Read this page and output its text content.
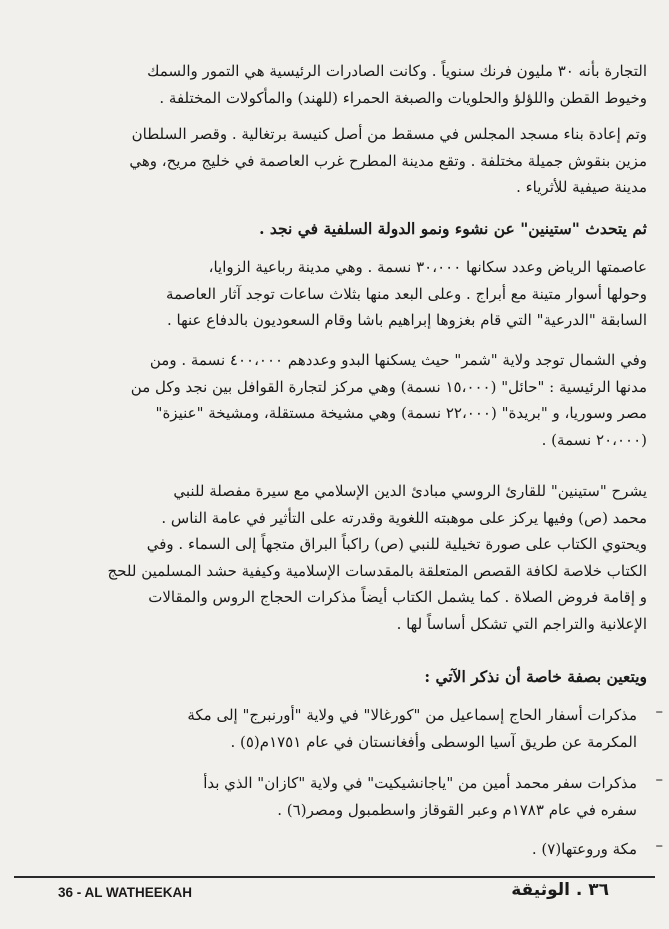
التجارة بأنه ٣٠ مليون فرنك سنوياً . وكانت الصادرات الرئيسية هي التمور والسمك
وخيوط القطن واللؤلؤ والحلويات والصبغة الحمراء (للهند) والمأكولات المختلفة .
وتم إعادة بناء مسجد المجلس في مسقط من أصل كنيسة برتغالية . وقصر السلطان
مزين بنقوش جميلة مختلفة . وتقع مدينة المطرح غرب العاصمة في خليج مريح، وهي
مدينة صيفية للأثرياء .
ثم يتحدث "ستينين" عن نشوء ونمو الدولة السلفية في نجد .
عاصمتها الرياض وعدد سكانها ٣٠،٠٠٠ نسمة . وهي مدينة رباعية الزوايا،
وحولها أسوار متينة مع أبراج . وعلى البعد منها بثلاث ساعات توجد آثار العاصمة
السابقة "الدرعية" التي قام بغزوها إبراهيم باشا وقام السعوديون بالدفاع عنها .
وفي الشمال توجد ولاية "شمر" حيث يسكنها البدو وعددهم ٤٠٠،٠٠٠ نسمة . ومن
مدنها الرئيسية : "حائل" (١٥،٠٠٠ نسمة) وهي مركز لتجارة القوافل بين نجد وكل من
مصر وسوريا، و "بريدة" (٢٢،٠٠٠ نسمة) وهي مشيخة مستقلة، ومشيخة "عنيزة"
(٢٠،٠٠٠ نسمة) .
يشرح "ستينين" للقارئ الروسي مبادئ الدين الإسلامي مع سيرة مفصلة للنبي
محمد (ص) وفيها يركز على موهبته اللغوية وقدرته على التأثير في عامة الناس .
ويحتوي الكتاب على صورة تخيلية للنبي (ص) راكباً البراق متجهاً إلى السماء . وفي
الكتاب خلاصة لكافة القصص المتعلقة بالمقدسات الإسلامية وكيفية حشد المسلمين للحج
و إقامة فروض الصلاة . كما يشمل الكتاب أيضاً مذكرات الحجاج الروس والمقالات
الإعلانية والتراجم التي تشكل أساساً لها .
ويتعين بصفة خاصة أن نذكر الآتي :
–
مذكرات أسفار الحاج إسماعيل من "كورغالا" في ولاية "أورنبرج" إلى مكة
المكرمة عن طريق آسيا الوسطى وأفغانستان في عام ١٧٥١م(٥) .
–
مذكرات سفر محمد أمين من "ياجانشيكيت" في ولاية "كازان" الذي بدأ
سفره في عام ١٧٨٣م وعبر القوقاز واسطمبول ومصر(٦) .
–
مكة وروعتها(٧) .
36 - AL WATHEEKAH	٣٦ . الوثيقة
